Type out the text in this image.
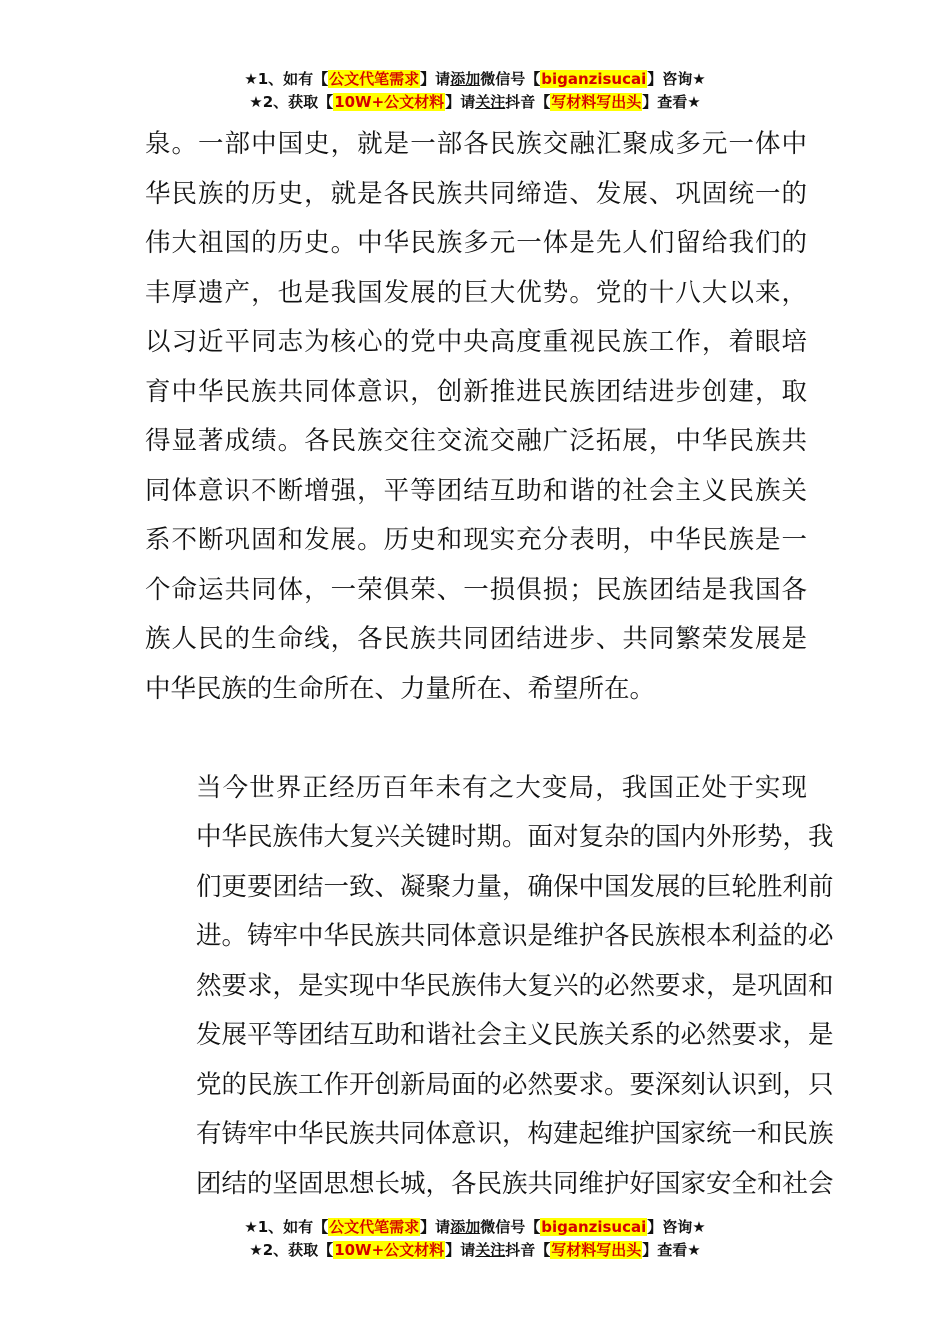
★1、如有【公文代笔需求】请添加微信号【biganzisucai】咨询★
★2、获取【10W+公文材料】请关注抖音【写材料写出头】查看★
泉。一部中国史，就是一部各民族交融汇聚成多元一体中
华民族的历史，就是各民族共同缔造、发展、巩固统一的
伟大祖国的历史。中华民族多元一体是先人们留给我们的
丰厚遗产，也是我国发展的巨大优势。党的十八大以来，
以习近平同志为核心的党中央高度重视民族工作，着眼培
育中华民族共同体意识，创新推进民族团结进步创建，取
得显著成绩。各民族交往交流交融广泛拓展，中华民族共
同体意识不断增强，平等团结互助和谐的社会主义民族关
系不断巩固和发展。历史和现实充分表明，中华民族是一
个命运共同体，一荣俱荣、一损俱损；民族团结是我国各
族人民的生命线，各民族共同团结进步、共同繁荣发展是
中华民族的生命所在、力量所在、希望所在。
当今世界正经历百年未有之大变局，我国正处于实现
中华民族伟大复兴关键时期。面对复杂的国内外形势，我
们更要团结一致、凝聚力量，确保中国发展的巨轮胜利前
进。铸牢中华民族共同体意识是维护各民族根本利益的必
然要求，是实现中华民族伟大复兴的必然要求，是巩固和
发展平等团结互助和谐社会主义民族关系的必然要求，是
党的民族工作开创新局面的必然要求。要深刻认识到，只
有铸牢中华民族共同体意识，构建起维护国家统一和民族
团结的坚固思想长城，各民族共同维护好国家安全和社会
★1、如有【公文代笔需求】请添加微信号【biganzisucai】咨询★
★2、获取【10W+公文材料】请关注抖音【写材料写出头】查看★
